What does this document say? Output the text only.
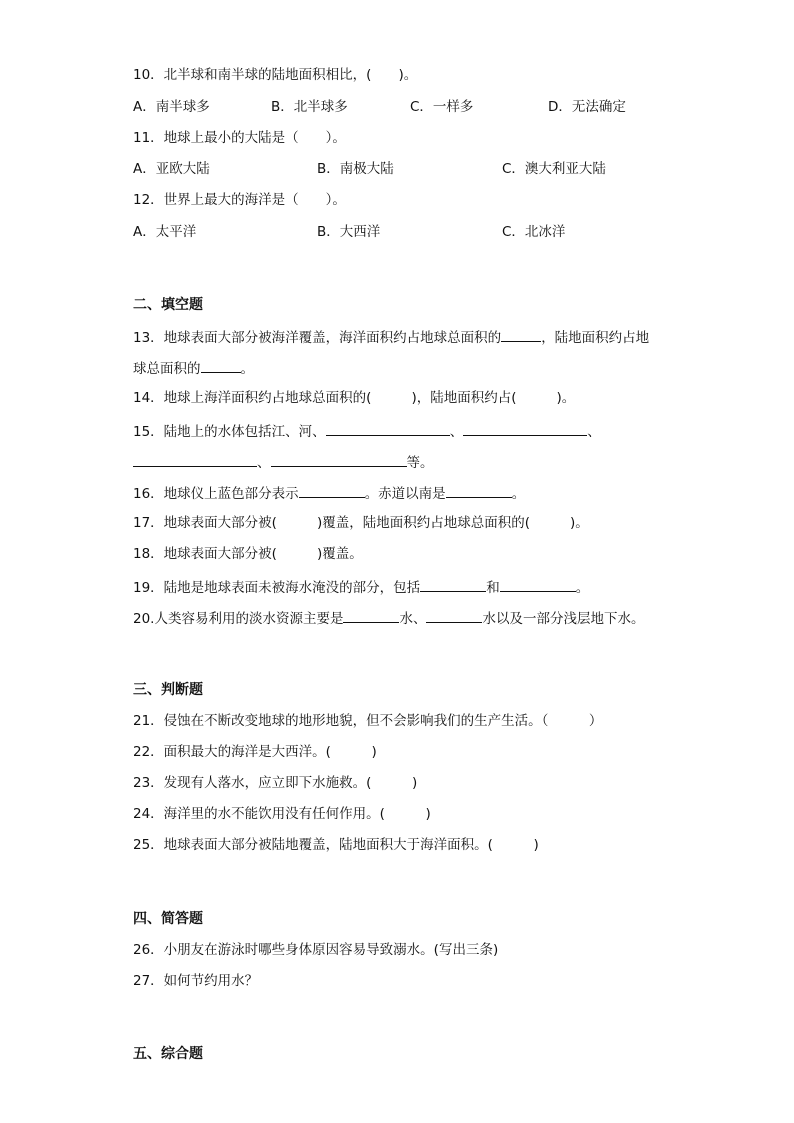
10．北半球和南半球的陆地面积相比，(　　)。
A．南半球多	B．北半球多	C．一样多	D．无法确定
11．地球上最小的大陆是（　　）。
A．亚欧大陆	B．南极大陆	C．澳大利亚大陆
12．世界上最大的海洋是（　　）。
A．太平洋	B．大西洋	C．北冰洋
二、填空题
13．地球表面大部分被海洋覆盖，海洋面积约占地球总面积的	，陆地面积约占地
球总面积的	。
14．地球上海洋面积约占地球总面积的(	)，陆地面积约占(	)。
15．陆地上的水体包括江、河、	、	、
、	等。
16．地球仪上蓝色部分表示	。赤道以南是	。
17．地球表面大部分被(	)覆盖，陆地面积约占地球总面积的(	)。
18．地球表面大部分被(	)覆盖。
19．陆地是地球表面未被海水淹没的部分，包括	和	。
20.人类容易利用的淡水资源主要是	水、	水以及一部分浅层地下水。
三、判断题
21．侵蚀在不断改变地球的地形地貌，但不会影响我们的生产生活。（　　　）
22．面积最大的海洋是大西洋。(　　　)
23．发现有人落水，应立即下水施救。(　　　)
24．海洋里的水不能饮用没有任何作用。(　　　)
25．地球表面大部分被陆地覆盖，陆地面积大于海洋面积。(　　　)
四、简答题
26．小朋友在游泳时哪些身体原因容易导致溺水。(写出三条)
27．如何节约用水？
五、综合题
